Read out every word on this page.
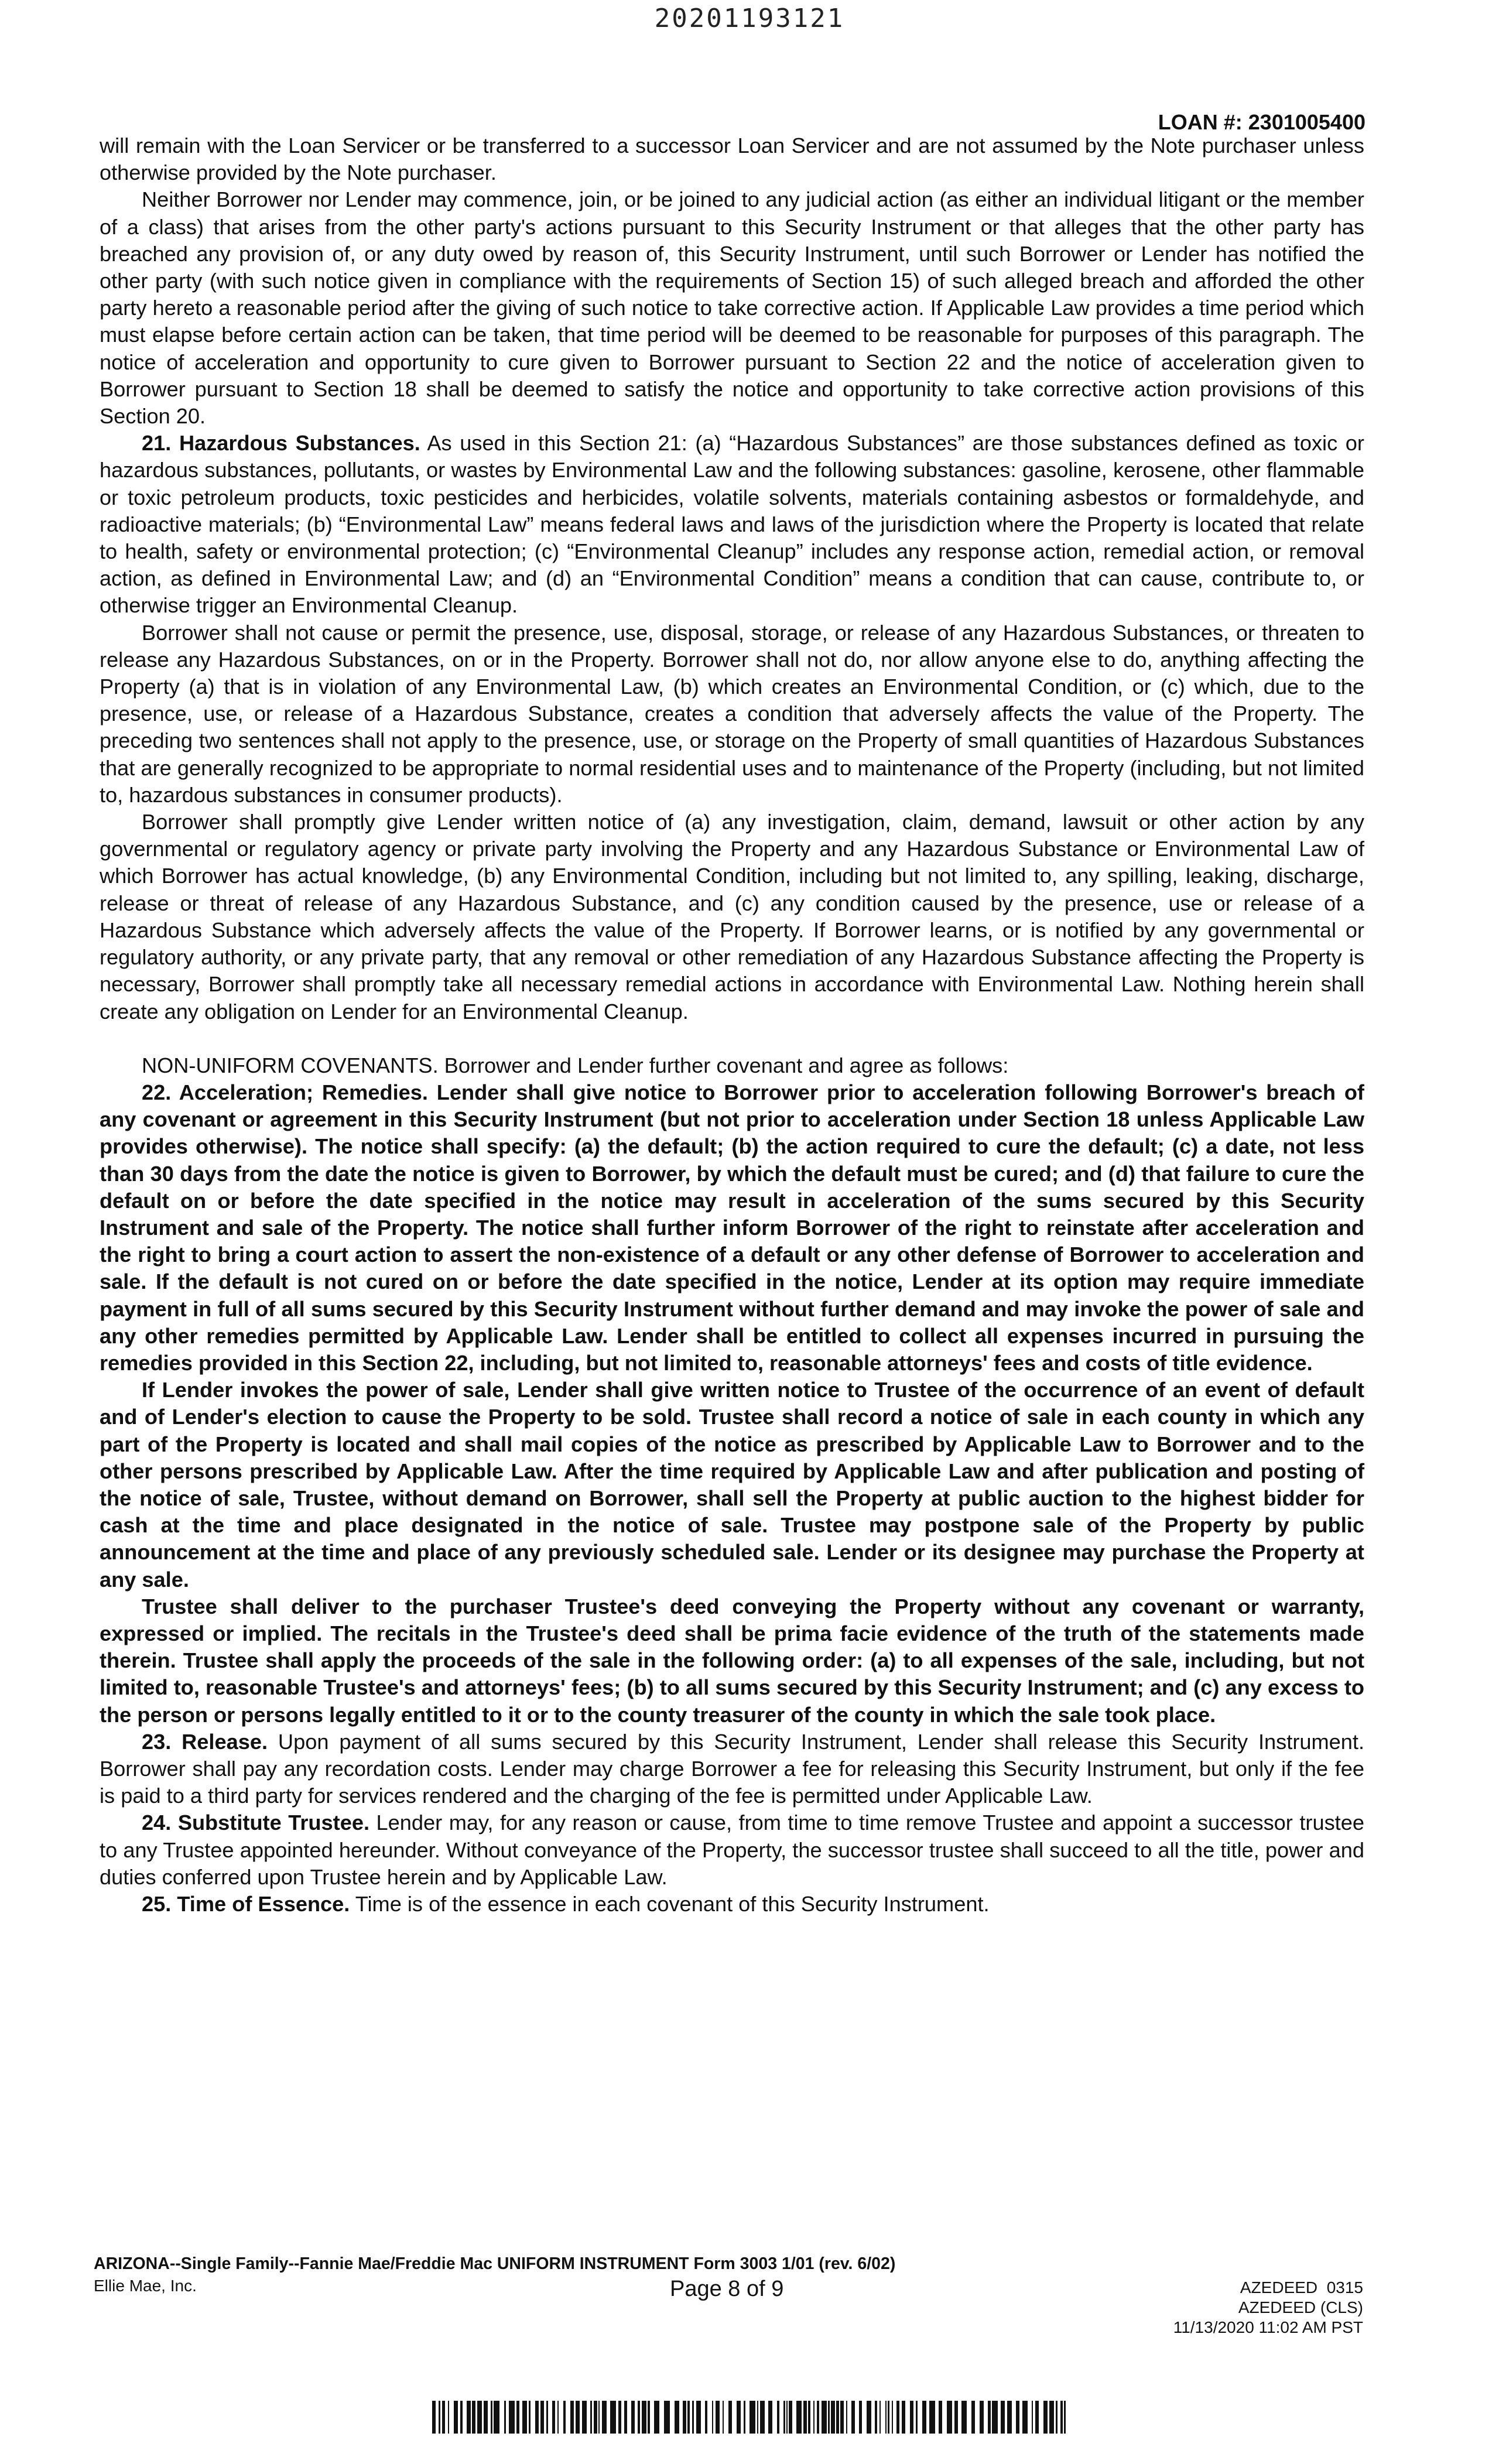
20201193121
LOAN #: 2301005400

will remain with the Loan Servicer or be transferred to a successor Loan Servicer and are not assumed by the Note purchaser unless otherwise provided by the Note purchaser.

Neither Borrower nor Lender may commence, join, or be joined to any judicial action (as either an individual litigant or the member of a class) that arises from the other party's actions pursuant to this Security Instrument or that alleges that the other party has breached any provision of, or any duty owed by reason of, this Security Instrument, until such Borrower or Lender has notified the other party (with such notice given in compliance with the requirements of Section 15) of such alleged breach and afforded the other party hereto a reasonable period after the giving of such notice to take corrective action. If Applicable Law provides a time period which must elapse before certain action can be taken, that time period will be deemed to be reasonable for purposes of this paragraph. The notice of acceleration and opportunity to cure given to Borrower pursuant to Section 22 and the notice of acceleration given to Borrower pursuant to Section 18 shall be deemed to satisfy the notice and opportunity to take corrective action provisions of this Section 20.

21. Hazardous Substances. As used in this Section 21: (a) “Hazardous Substances” are those substances defined as toxic or hazardous substances, pollutants, or wastes by Environmental Law and the following substances: gasoline, kerosene, other flammable or toxic petroleum products, toxic pesticides and herbicides, volatile solvents, materials containing asbestos or formaldehyde, and radioactive materials; (b) “Environmental Law” means federal laws and laws of the jurisdiction where the Property is located that relate to health, safety or environmental protection; (c) “Environmental Cleanup” includes any response action, remedial action, or removal action, as defined in Environmental Law; and (d) an “Environmental Condition” means a condition that can cause, contribute to, or otherwise trigger an Environmental Cleanup.

Borrower shall not cause or permit the presence, use, disposal, storage, or release of any Hazardous Substances, or threaten to release any Hazardous Substances, on or in the Property. Borrower shall not do, nor allow anyone else to do, anything affecting the Property (a) that is in violation of any Environmental Law, (b) which creates an Environmental Condition, or (c) which, due to the presence, use, or release of a Hazardous Substance, creates a condition that adversely affects the value of the Property. The preceding two sentences shall not apply to the presence, use, or storage on the Property of small quantities of Hazardous Substances that are generally recognized to be appropriate to normal residential uses and to maintenance of the Property (including, but not limited to, hazardous substances in consumer products).

Borrower shall promptly give Lender written notice of (a) any investigation, claim, demand, lawsuit or other action by any governmental or regulatory agency or private party involving the Property and any Hazardous Substance or Environmental Law of which Borrower has actual knowledge, (b) any Environmental Condition, including but not limited to, any spilling, leaking, discharge, release or threat of release of any Hazardous Substance, and (c) any condition caused by the presence, use or release of a Hazardous Substance which adversely affects the value of the Property. If Borrower learns, or is notified by any governmental or regulatory authority, or any private party, that any removal or other remediation of any Hazardous Substance affecting the Property is necessary, Borrower shall promptly take all necessary remedial actions in accordance with Environmental Law. Nothing herein shall create any obligation on Lender for an Environmental Cleanup.

NON-UNIFORM COVENANTS. Borrower and Lender further covenant and agree as follows:

22. Acceleration; Remedies. Lender shall give notice to Borrower prior to acceleration following Borrower's breach of any covenant or agreement in this Security Instrument (but not prior to acceleration under Section 18 unless Applicable Law provides otherwise). The notice shall specify: (a) the default; (b) the action required to cure the default; (c) a date, not less than 30 days from the date the notice is given to Borrower, by which the default must be cured; and (d) that failure to cure the default on or before the date specified in the notice may result in acceleration of the sums secured by this Security Instrument and sale of the Property. The notice shall further inform Borrower of the right to reinstate after acceleration and the right to bring a court action to assert the non-existence of a default or any other defense of Borrower to acceleration and sale. If the default is not cured on or before the date specified in the notice, Lender at its option may require immediate payment in full of all sums secured by this Security Instrument without further demand and may invoke the power of sale and any other remedies permitted by Applicable Law. Lender shall be entitled to collect all expenses incurred in pursuing the remedies provided in this Section 22, including, but not limited to, reasonable attorneys' fees and costs of title evidence.

If Lender invokes the power of sale, Lender shall give written notice to Trustee of the occurrence of an event of default and of Lender's election to cause the Property to be sold. Trustee shall record a notice of sale in each county in which any part of the Property is located and shall mail copies of the notice as prescribed by Applicable Law to Borrower and to the other persons prescribed by Applicable Law. After the time required by Applicable Law and after publication and posting of the notice of sale, Trustee, without demand on Borrower, shall sell the Property at public auction to the highest bidder for cash at the time and place designated in the notice of sale. Trustee may postpone sale of the Property by public announcement at the time and place of any previously scheduled sale. Lender or its designee may purchase the Property at any sale.

Trustee shall deliver to the purchaser Trustee's deed conveying the Property without any covenant or warranty, expressed or implied. The recitals in the Trustee's deed shall be prima facie evidence of the truth of the statements made therein. Trustee shall apply the proceeds of the sale in the following order: (a) to all expenses of the sale, including, but not limited to, reasonable Trustee's and attorneys' fees; (b) to all sums secured by this Security Instrument; and (c) any excess to the person or persons legally entitled to it or to the county treasurer of the county in which the sale took place.

23. Release. Upon payment of all sums secured by this Security Instrument, Lender shall release this Security Instrument. Borrower shall pay any recordation costs. Lender may charge Borrower a fee for releasing this Security Instrument, but only if the fee is paid to a third party for services rendered and the charging of the fee is permitted under Applicable Law.

24. Substitute Trustee. Lender may, for any reason or cause, from time to time remove Trustee and appoint a successor trustee to any Trustee appointed hereunder. Without conveyance of the Property, the successor trustee shall succeed to all the title, power and duties conferred upon Trustee herein and by Applicable Law.

25. Time of Essence. Time is of the essence in each covenant of this Security Instrument.

ARIZONA--Single Family--Fannie Mae/Freddie Mac UNIFORM INSTRUMENT Form 3003 1/01 (rev. 6/02)
Ellie Mae, Inc.	Page 8 of 9	AZEDEED  0315
AZEDEED (CLS)
11/13/2020 11:02 AM PST
